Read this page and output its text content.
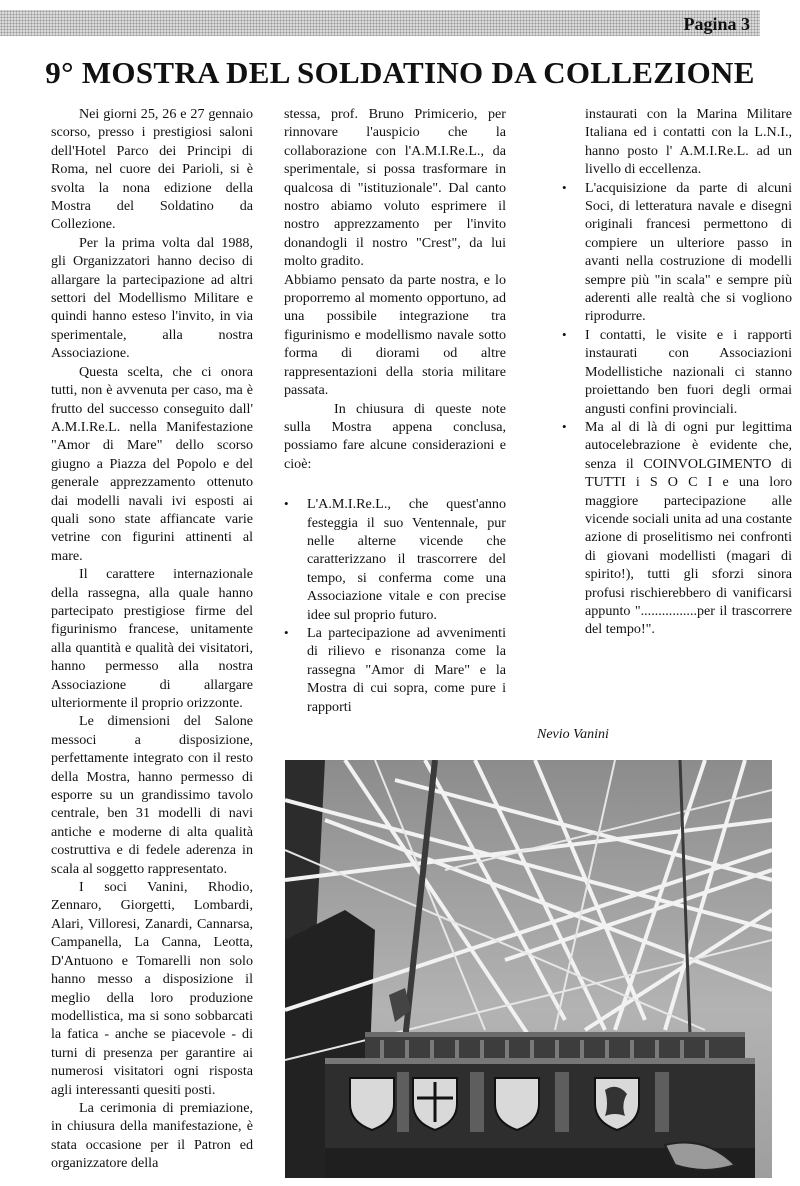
Pagina 3
9° MOSTRA DEL SOLDATINO DA COLLEZIONE

Nei giorni 25, 26 e 27 gennaio scorso, presso i prestigiosi saloni dell'Hotel Parco dei Principi di Roma, nel cuore dei Parioli, si è svolta la nona edizione della Mostra del Soldatino da Collezione.

Per la prima volta dal 1988, gli Organizzatori hanno deciso di allargare la partecipazione ad altri settori del Modellismo Militare e quindi hanno esteso l'invito, in via sperimentale, alla nostra Associazione.

Questa scelta, che ci onora tutti, non è avvenuta per caso, ma è frutto del successo conseguito dall' A.M.I.Re.L. nella Manifestazione "Amor di Mare" dello scorso giugno a Piazza del Popolo e del generale apprezzamento ottenuto dai modelli navali ivi esposti ai quali sono state affiancate varie vetrine con figurini attinenti al mare.

Il carattere internazionale della rassegna, alla quale hanno partecipato prestigiose firme del figurinismo francese, unitamente alla quantità e qualità dei visitatori, hanno permesso alla nostra Associazione di allargare ulteriormente il proprio orizzonte.

Le dimensioni del Salone messoci a disposizione, perfettamente integrato con il resto della Mostra, hanno permesso di esporre su un grandissimo tavolo centrale, ben 31 modelli di navi antiche e moderne di alta qualità costruttiva e di fedele aderenza in scala al soggetto rappresentato.

I soci Vanini, Rhodio, Zennaro, Giorgetti, Lombardi, Alari, Villoresi, Zanardi, Cannarsa, Campanella, La Canna, Leotta, D'Antuono e Tomarelli non solo hanno messo a disposizione il meglio della loro produzione modellistica, ma si sono sobbarcati la fatica - anche se piacevole - di turni di presenza per garantire ai numerosi visitatori ogni risposta agli interessanti quesiti posti.

La cerimonia di premiazione, in chiusura della manifestazione, è stata occasione per il Patron ed organizzatore della

stessa, prof. Bruno Primicerio, per rinnovare l'auspicio che la collaborazione con l'A.M.I.Re.L., da sperimentale, si possa trasformare in qualcosa di "istituzionale". Dal canto nostro abiamo voluto esprimere il nostro apprezzamento per l'invito donandogli il nostro "Crest", da lui molto gradito.

Abbiamo pensato da parte nostra, e lo proporremo al momento opportuno, ad una possibile integrazione tra figurinismo e modellismo navale sotto forma di diorami od altre rappresentazioni della storia militare passata.

In chiusura di queste note sulla Mostra appena conclusa, possiamo fare alcune considerazioni e cioè:

• L'A.M.I.Re.L., che quest'anno festeggia il suo Ventennale, pur nelle alterne vicende che caratterizzano il trascorrere del tempo, si conferma come una Associazione vitale e con precise idee sul proprio futuro.
• La partecipazione ad avvenimenti di rilievo e risonanza come la rassegna "Amor di Mare" e la Mostra di cui sopra, come pure i rapporti
instaurati con la Marina Militare Italiana ed i contatti con la L.N.I., hanno posto l' A.M.I.Re.L. ad un livello di eccellenza.
• L'acquisizione da parte di alcuni Soci, di letteratura navale e disegni originali francesi permettono di compiere un ulteriore passo in avanti nella costruzione di modelli sempre più "in scala" e sempre più aderenti alle realtà che si vogliono riprodurre.
• I contatti, le visite e i rapporti instaurati con Associazioni Modellistiche nazionali ci stanno proiettando ben fuori degli ormai angusti confini provinciali.
• Ma al di là di ogni pur legittima autocelebrazione è evidente che, senza il COINVOLGIMENTO di TUTTI i S O C I e una loro maggiore partecipazione alle vicende sociali unita ad una costante azione di proselitismo nei confronti di giovani modellisti (magari di spirito!), tutti gli sforzi sinora profusi rischierebbero di vanificarsi appunto "................per il trascorrere del tempo!".
Nevio Vanini
